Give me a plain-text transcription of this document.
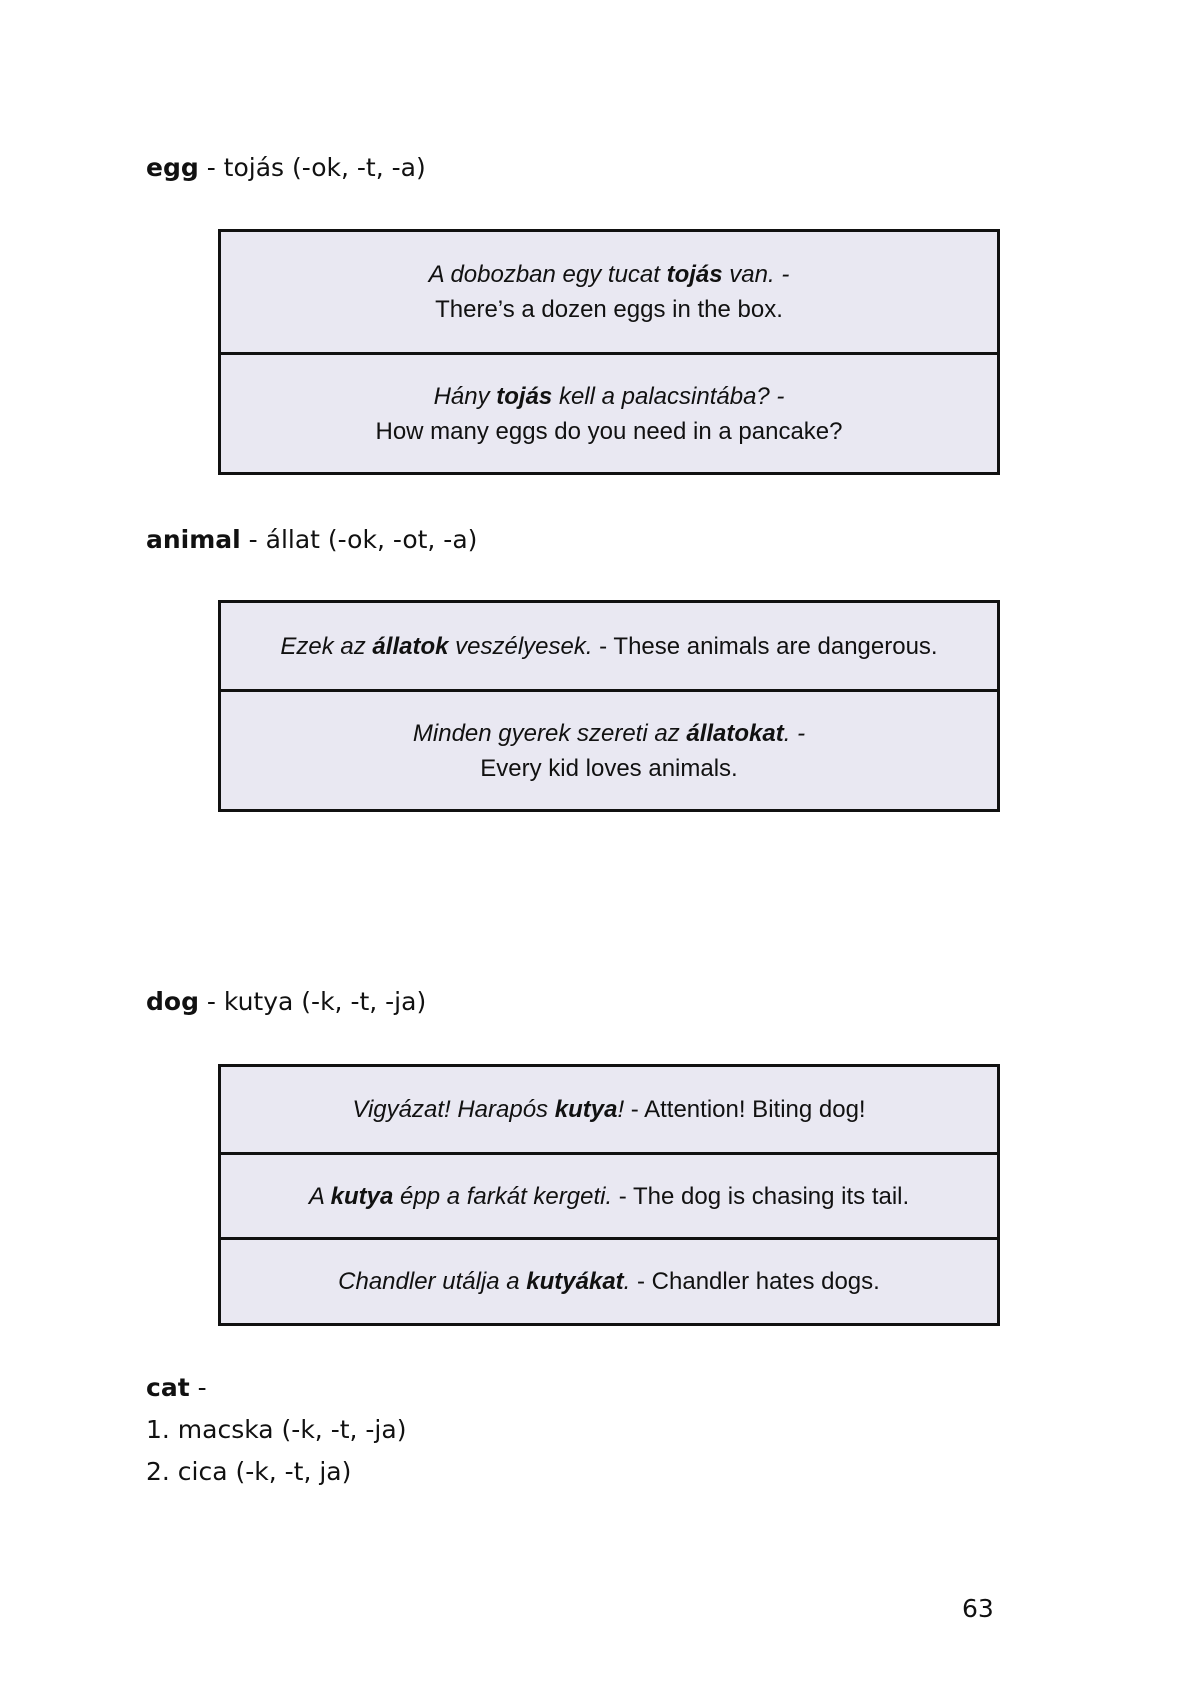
egg - tojás (-ok, -t, -a)
A dobozban egy tucat tojás van. -
There’s a dozen eggs in the box.
Hány tojás kell a palacsintába? -
How many eggs do you need in a pancake?
animal - állat (-ok, -ot, -a)
Ezek az állatok veszélyesek. - These animals are dangerous.
Minden gyerek szereti az állatokat. -
Every kid loves animals.
dog - kutya (-k, -t, -ja)
Vigyázat! Harapós kutya! - Attention! Biting dog!
A kutya épp a farkát kergeti. - The dog is chasing its tail.
Chandler utálja a kutyákat. - Chandler hates dogs.
cat -
1. macska (-k, -t, -ja)
2. cica (-k, -t, ja)
63
